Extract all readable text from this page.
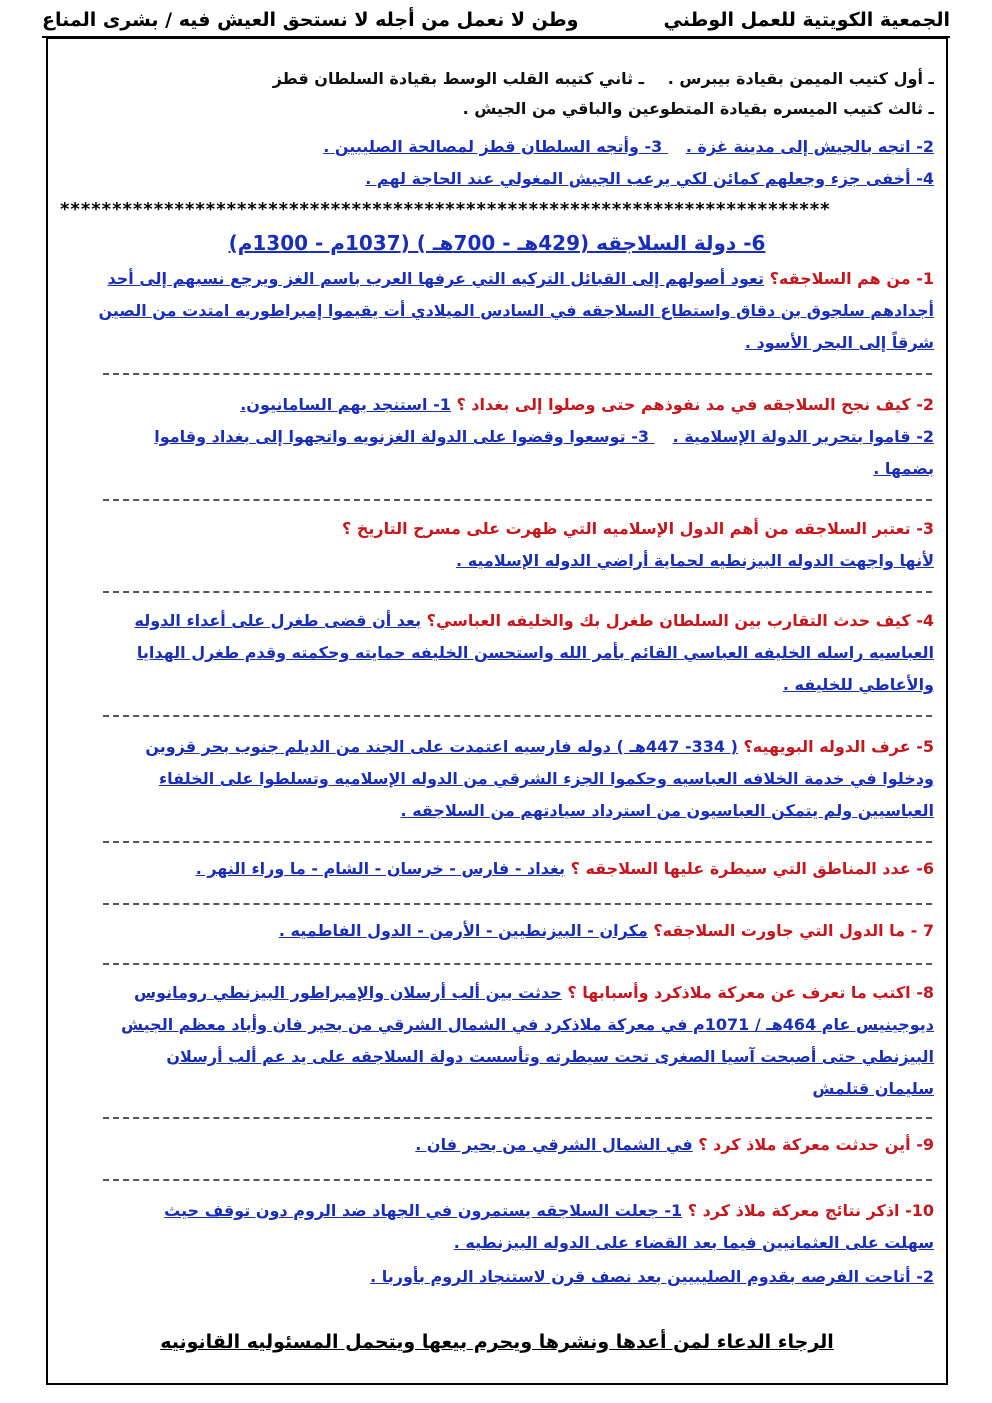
الجمعية الكويتية للعمل الوطني
وطن لا نعمل من أجله لا نستحق العيش فيه / بشرى المناع
ـ أول كتيب الميمن بقيادة بيبرس . ـ ثاني كتيبه القلب الوسط بقيادة السلطان قطز
ـ ثالث كتيب الميسره بقيادة المتطوعين والباقي من الجيش .
2- اتجه بالجيش إلى مدينة غزة . 3- وأتجه السلطان قطز لمصالحة الصليبين .
4- أخفى جزء وجعلهم كمائن لكي يرعب الجيش المغولي عند الحاجة لهم .
**************************************************************************
6- دولة السلاجقه (429هـ - 700هـ ) (1037م - 1300م)
1- من هم السلاجقه؟ تعود أصولهم إلى القبائل التركيه التي عرفها العرب باسم الغز ويرجع نسبهم إلى أحد
أجدادهم سلجوق بن دقاق واستطاع السلاجقه في السادس الميلادي أت يقيموا إمبراطوريه امتدت من الصين
شرقاً إلى البحر الأسود .
2- كيف نجح السلاجقه في مد نفوذهم حتى وصلوا إلى بغداد ؟ 1- استنجد بهم السامانيون.
2- قاموا بتحرير الدولة الإسلامية . 3- توسعوا وقضوا على الدولة الغزنويه واتجهوا إلى بغداد وقاموا
بضمها .
3- تعتبر السلاجقه من أهم الدول الإسلاميه التي ظهرت على مسرح التاريخ ؟
لأنها واجهت الدوله البيزنطيه لحماية أراضي الدوله الإسلاميه .
4- كيف حدث التقارب بين السلطان طغرل بك والخليفه العباسي؟ بعد أن قضى طغرل على أعداء الدوله
العباسيه راسله الخليفه العباسي القائم بأمر الله واستحسن الخليفه حمايته وحكمته وقدم طغرل الهدايا
والأعاطي للخليفه .
5- عرف الدوله البويهيه؟ ( 334- 447هـ ) دوله فارسيه اعتمدت على الجند من الديلم جنوب بحر قزوين
ودخلوا في خدمة الخلافه العباسيه وحكموا الجزء الشرقي من الدوله الإسلاميه وتسلطوا على الخلفاء
العباسيين ولم يتمكن العباسيون من استرداد سيادتهم من السلاجقه .
6- عدد المناطق التي سيطرة عليها السلاجقه ؟ بغداد - فارس - خرسان - الشام - ما وراء النهر .
7 - ما الدول التي جاورت السلاجقه؟ مكران - البيزنطيين - الأرمن - الدول الفاطميه .
8- اكتب ما تعرف عن معركة ملاذكرد وأسبابها ؟ حدثت بين ألب أرسلان والإمبراطور البيزنطي رومانوس
ديوجينيس عام 464هـ / 1071م في معركة ملاذكرد في الشمال الشرقي من بحير فان وأباد معظم الجيش
البيزنطي حتى أصبحت آسيا الصغرى تحت سيطرته وتأسست دولة السلاجقه على يد عم ألب أرسلان
سليمان قتلمش
9- أين حدثت معركة ملاذ كرد ؟ في الشمال الشرقي من بحير فان .
10- اذكر نتائج معركة ملاذ كرد ؟ 1- جعلت السلاجقه يستمرون في الجهاد ضد الروم دون توقف حيث
سهلت على العثمانيين فيما بعد القضاء على الدوله البيزنطيه .
2- أتاحت الفرصه بقدوم الصليبيين بعد نصف قرن لاستنجاد الروم بأوربا .
الرجاء الدعاء لمن أعدها ونشرها ويحرم بيعها ويتحمل المسئوليه القانونيه
